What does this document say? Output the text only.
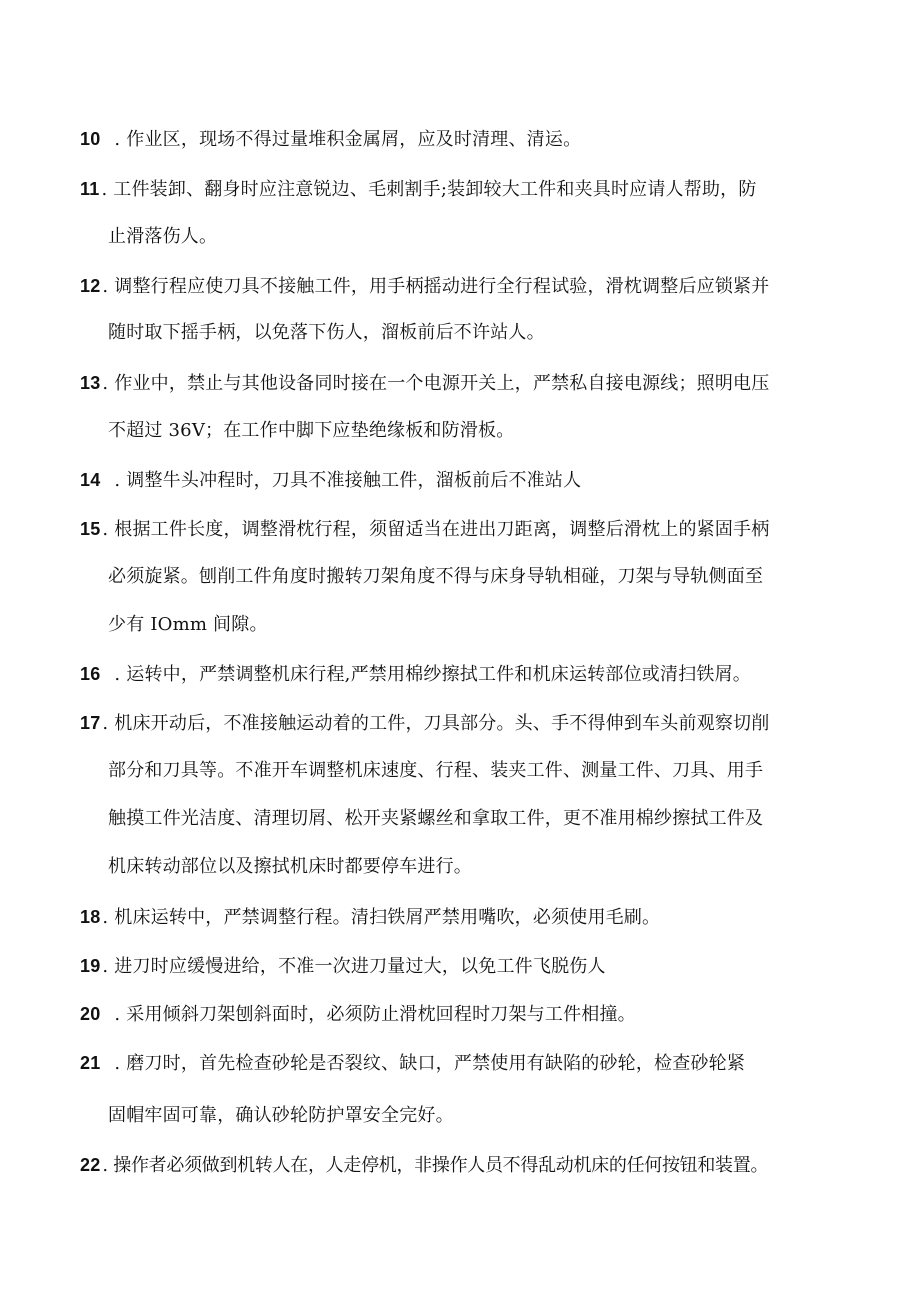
10 . 作业区，现场不得过量堆积金属屑，应及时清理、清运。
11 . 工件装卸、翻身时应注意锐边、毛刺割手;装卸较大工件和夹具时应请人帮助，防
止滑落伤人。
12 . 调整行程应使刀具不接触工件，用手柄摇动进行全行程试验，滑枕调整后应锁紧并
随时取下摇手柄，以免落下伤人，溜板前后不许站人。
13 . 作业中，禁止与其他设备同时接在一个电源开关上，严禁私自接电源线；照明电压
不超过 36V；在工作中脚下应垫绝缘板和防滑板。
14 . 调整牛头冲程时，刀具不准接触工件，溜板前后不准站人
15 . 根据工件长度，调整滑枕行程，须留适当在进出刀距离，调整后滑枕上的紧固手柄
必须旋紧。刨削工件角度时搬转刀架角度不得与床身导轨相碰，刀架与导轨侧面至
少有 IOmm 间隙。
16 . 运转中，严禁调整机床行程,严禁用棉纱擦拭工件和机床运转部位或清扫铁屑。
17 . 机床开动后，不准接触运动着的工件，刀具部分。头、手不得伸到车头前观察切削
部分和刀具等。不准开车调整机床速度、行程、装夹工件、测量工件、刀具、用手
触摸工件光洁度、清理切屑、松开夹紧螺丝和拿取工件，更不准用棉纱擦拭工件及
机床转动部位以及擦拭机床时都要停车进行。
18 . 机床运转中，严禁调整行程。清扫铁屑严禁用嘴吹，必须使用毛刷。
19 . 进刀时应缓慢进给，不准一次进刀量过大，以免工件飞脱伤人
20 . 采用倾斜刀架刨斜面时，必须防止滑枕回程时刀架与工件相撞。
21 . 磨刀时，首先检查砂轮是否裂纹、缺口，严禁使用有缺陷的砂轮，检查砂轮紧
固帽牢固可靠，确认砂轮防护罩安全完好。
22 . 操作者必须做到机转人在，人走停机，非操作人员不得乱动机床的任何按钮和装置。
